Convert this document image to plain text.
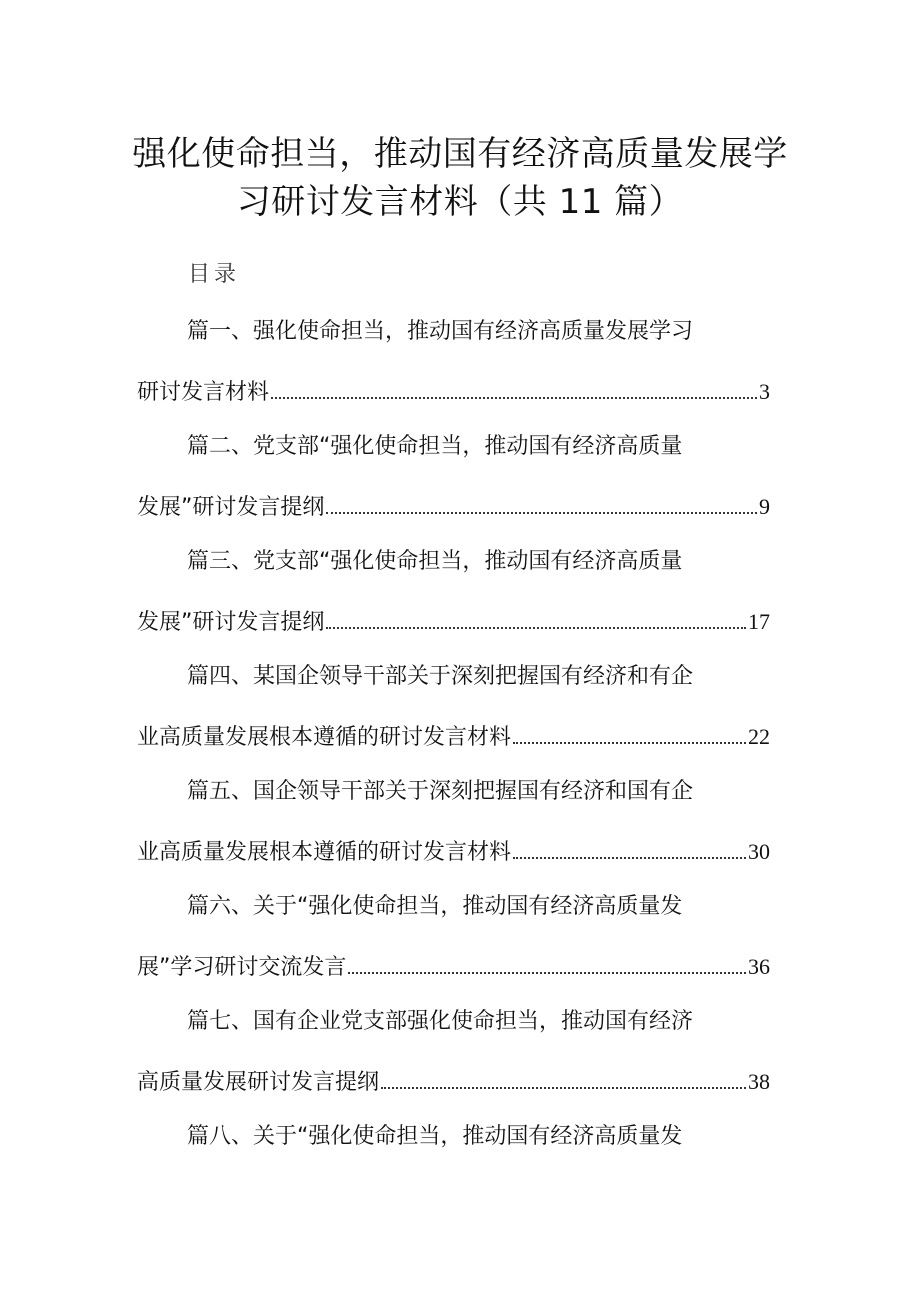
强化使命担当，推动国有经济高质量发展学
习研讨发言材料（共 11 篇）
目录
篇一、强化使命担当，推动国有经济高质量发展学习
研讨发言材料	3
篇二、党支部“强化使命担当，推动国有经济高质量
发展”研讨发言提纲	9
篇三、党支部“强化使命担当，推动国有经济高质量
发展”研讨发言提纲	17
篇四、某国企领导干部关于深刻把握国有经济和有企
业高质量发展根本遵循的研讨发言材料	22
篇五、国企领导干部关于深刻把握国有经济和国有企
业高质量发展根本遵循的研讨发言材料	30
篇六、关于“强化使命担当，推动国有经济高质量发
展”学习研讨交流发言	36
篇七、国有企业党支部强化使命担当，推动国有经济
高质量发展研讨发言提纲	38
篇八、关于“强化使命担当，推动国有经济高质量发
